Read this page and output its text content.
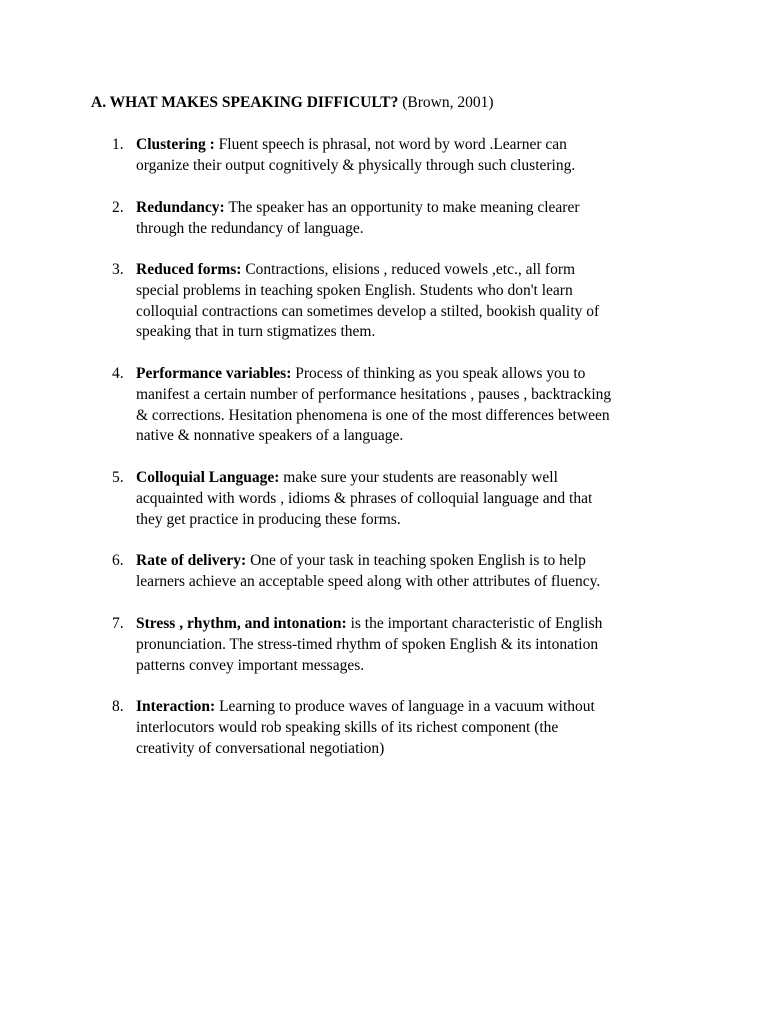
A. WHAT MAKES SPEAKING DIFFICULT? (Brown, 2001)
1. Clustering : Fluent speech is phrasal, not word by word .Learner can
organize their output cognitively & physically through such clustering.
2. Redundancy: The speaker has an opportunity to make meaning clearer
through the redundancy of language.
3. Reduced forms: Contractions, elisions , reduced vowels ,etc., all form
special problems in teaching spoken English. Students who don't learn
colloquial contractions can sometimes develop a stilted, bookish quality of
speaking that in turn stigmatizes them.
4. Performance variables: Process of thinking as you speak allows you to
manifest a certain number of performance hesitations , pauses , backtracking
& corrections. Hesitation phenomena is one of the most differences between
native & nonnative speakers of a language.
5. Colloquial Language: make sure your students are reasonably well
acquainted with words , idioms & phrases of colloquial language and that
they get practice in producing these forms.
6. Rate of delivery: One of your task in teaching spoken English is to help
learners achieve an acceptable speed along with other attributes of fluency.
7. Stress , rhythm, and intonation: is the important characteristic of English
pronunciation. The stress-timed rhythm of spoken English & its intonation
patterns convey important messages.
8. Interaction: Learning to produce waves of language in a vacuum without
interlocutors would rob speaking skills of its richest component (the
creativity of conversational negotiation)
